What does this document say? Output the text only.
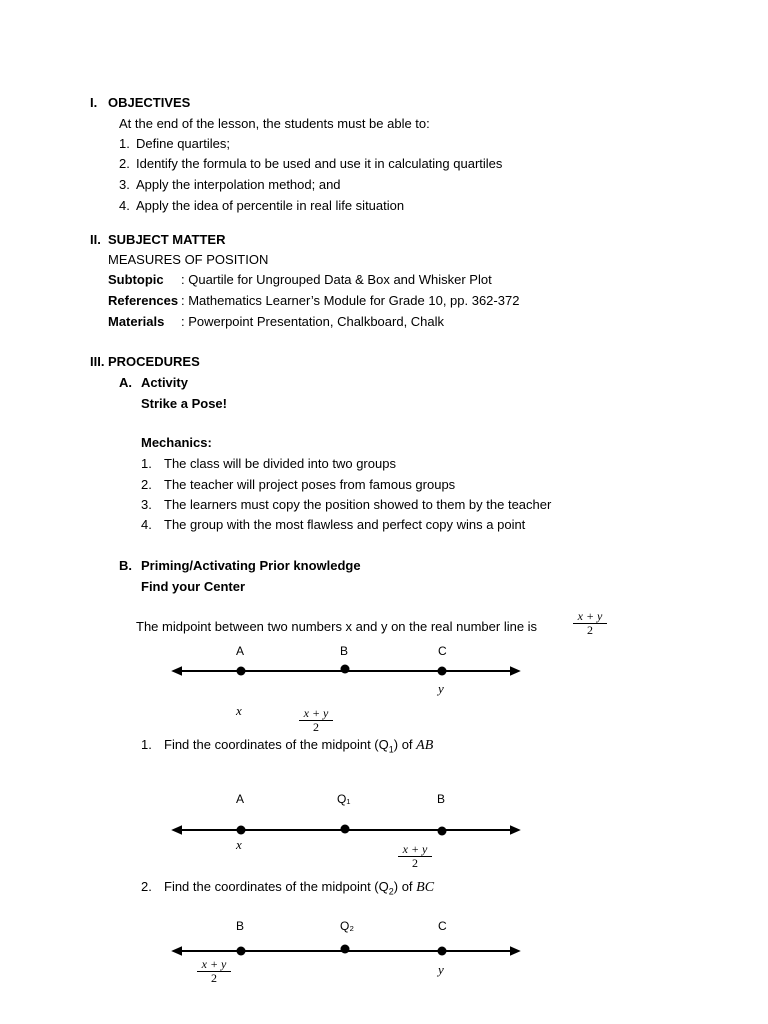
I. OBJECTIVES
At the end of the lesson, the students must be able to:
1. Define quartiles;
2. Identify the formula to be used and use it in calculating quartiles
3. Apply the interpolation method; and
4. Apply the idea of percentile in real life situation
II. SUBJECT MATTER
MEASURES OF POSITION
Subtopic : Quartile for Ungrouped Data & Box and Whisker Plot
References : Mathematics Learner’s Module for Grade 10, pp. 362-372
Materials : Powerpoint Presentation, Chalkboard, Chalk
III. PROCEDURES
A. Activity
Strike a Pose!
Mechanics:
1. The class will be divided into two groups
2. The teacher will project poses from famous groups
3. The learners must copy the position showed to them by the teacher
4. The group with the most flawless and perfect copy wins a point
B. Priming/Activating Prior knowledge
Find your Center
The midpoint between two numbers x and y on the real number line is	$\frac{x + y}{2}$
A	B	C
y
x	$\frac{x + y}{2}$
1. Find the coordinates of the midpoint $(Q_1)$ of AB
A	Q₁	B
x	$\frac{x + y}{2}$
2. Find the coordinates of the midpoint $(Q_2)$ of BC
B	Q₂	C
$\frac{x + y}{2}$	y
